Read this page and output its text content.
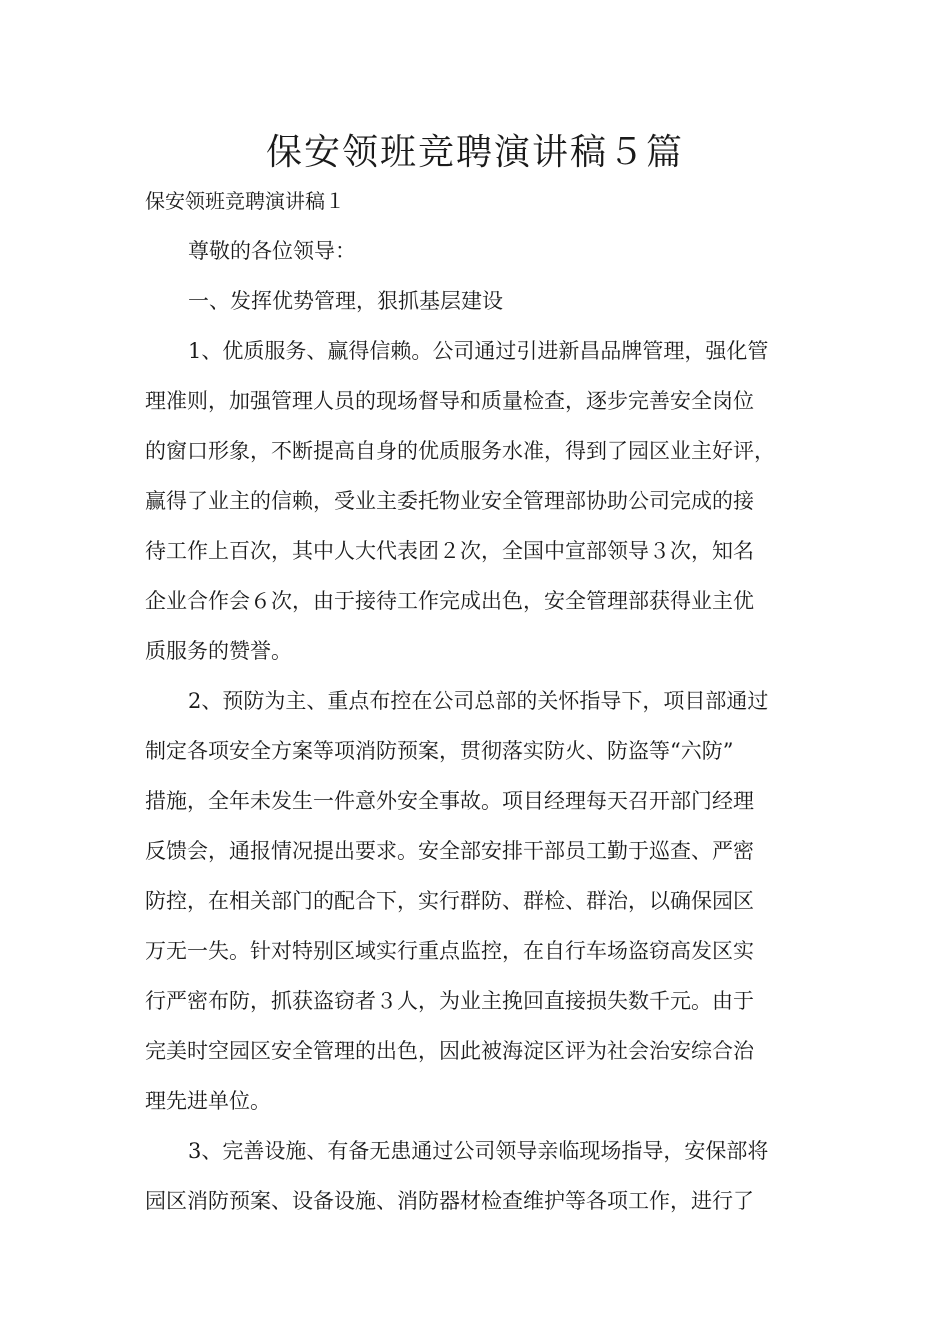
保安领班竞聘演讲稿５篇

保安领班竞聘演讲稿１

尊敬的各位领导：

一、发挥优势管理，狠抓基层建设

1、优质服务、赢得信赖。公司通过引进新昌品牌管理，强化管

理准则，加强管理人员的现场督导和质量检查，逐步完善安全岗位

的窗口形象，不断提高自身的优质服务水准，得到了园区业主好评，

赢得了业主的信赖，受业主委托物业安全管理部协助公司完成的接

待工作上百次，其中人大代表团２次，全国中宣部领导３次，知名

企业合作会６次，由于接待工作完成出色，安全管理部获得业主优

质服务的赞誉。

2、预防为主、重点布控在公司总部的关怀指导下，项目部通过

制定各项安全方案等项消防预案，贯彻落实防火、防盗等“六防”

措施，全年未发生一件意外安全事故。项目经理每天召开部门经理

反馈会，通报情况提出要求。安全部安排干部员工勤于巡查、严密

防控，在相关部门的配合下，实行群防、群检、群治，以确保园区

万无一失。针对特别区域实行重点监控，在自行车场盗窃高发区实

行严密布防，抓获盗窃者３人，为业主挽回直接损失数千元。由于

完美时空园区安全管理的出色，因此被海淀区评为社会治安综合治

理先进单位。

3、完善设施、有备无患通过公司领导亲临现场指导，安保部将

园区消防预案、设备设施、消防器材检查维护等各项工作，进行了
